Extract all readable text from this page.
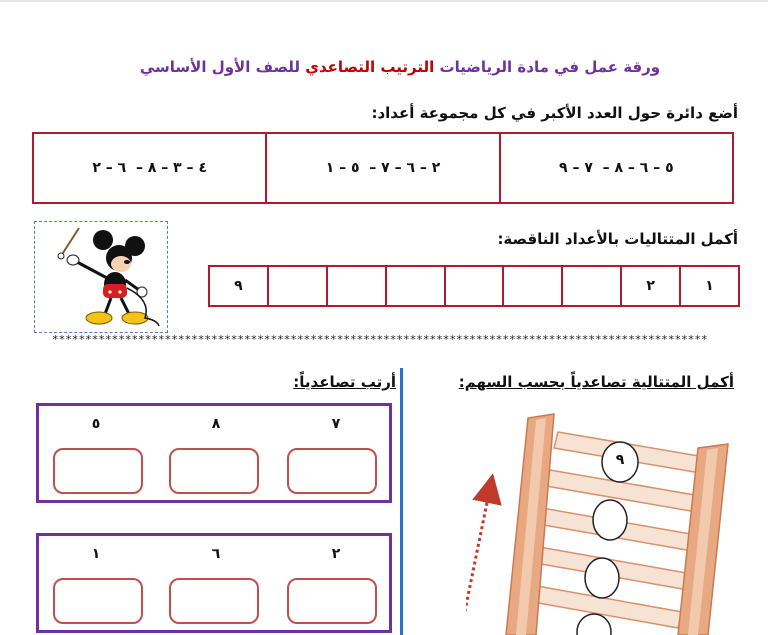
ورقة عمل في مادة الرياضيات الترتيب التصاعدي للصف الأول الأساسي
أضع دائرة حول العدد الأكبر في كل مجموعة أعداد:
٥ – ٦ – ٨ –  ٧ – ٩
٢ – ٦ – ٧ –  ٥ – ١
٤ – ٣ – ٨ –  ٦ – ٢
أكمل المتتاليات بالأعداد الناقصة:
١
٢
٩
***************************************************************************************************
أكمل المتتالية تصاعدياً بحسب السهم:
أرتب تصاعدياً:
٩
٧
٨
٥
٢
٦
١
